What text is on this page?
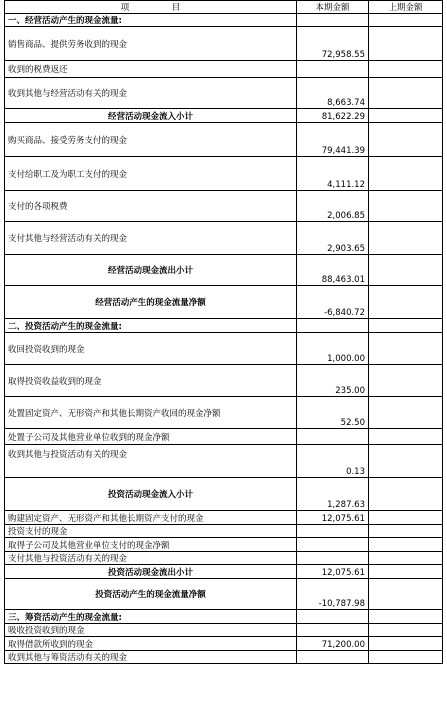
项　　　　　目	本期金额	上期金额
一、经营活动产生的现金流量:		
销售商品、提供劳务收到的现金	72,958.55	
收到的税费返还		
收到其他与经营活动有关的现金	8,663.74	
经营活动现金流入小计	81,622.29	
购买商品、接受劳务支付的现金	79,441.39	
支付给职工及为职工支付的现金	4,111.12	
支付的各项税费	2,006.85	
支付其他与经营活动有关的现金	2,903.65	
经营活动现金流出小计	88,463.01	
经营活动产生的现金流量净额	-6,840.72	
二、投资活动产生的现金流量:		
收回投资收到的现金	1,000.00	
取得投资收益收到的现金	235.00	
处置固定资产、无形资产和其他长期资产收回的现金净额	52.50	
处置子公司及其他营业单位收到的现金净额		
收到其他与投资活动有关的现金	0.13	
投资活动现金流入小计	1,287.63	
购建固定资产、无形资产和其他长期资产支付的现金	12,075.61	
投资支付的现金		
取得子公司及其他营业单位支付的现金净额		
支付其他与投资活动有关的现金		
投资活动现金流出小计	12,075.61	
投资活动产生的现金流量净额	-10,787.98	
三、筹资活动产生的现金流量:		
吸收投资收到的现金		
取得借款所收到的现金	71,200.00	
收到其他与筹资活动有关的现金		
